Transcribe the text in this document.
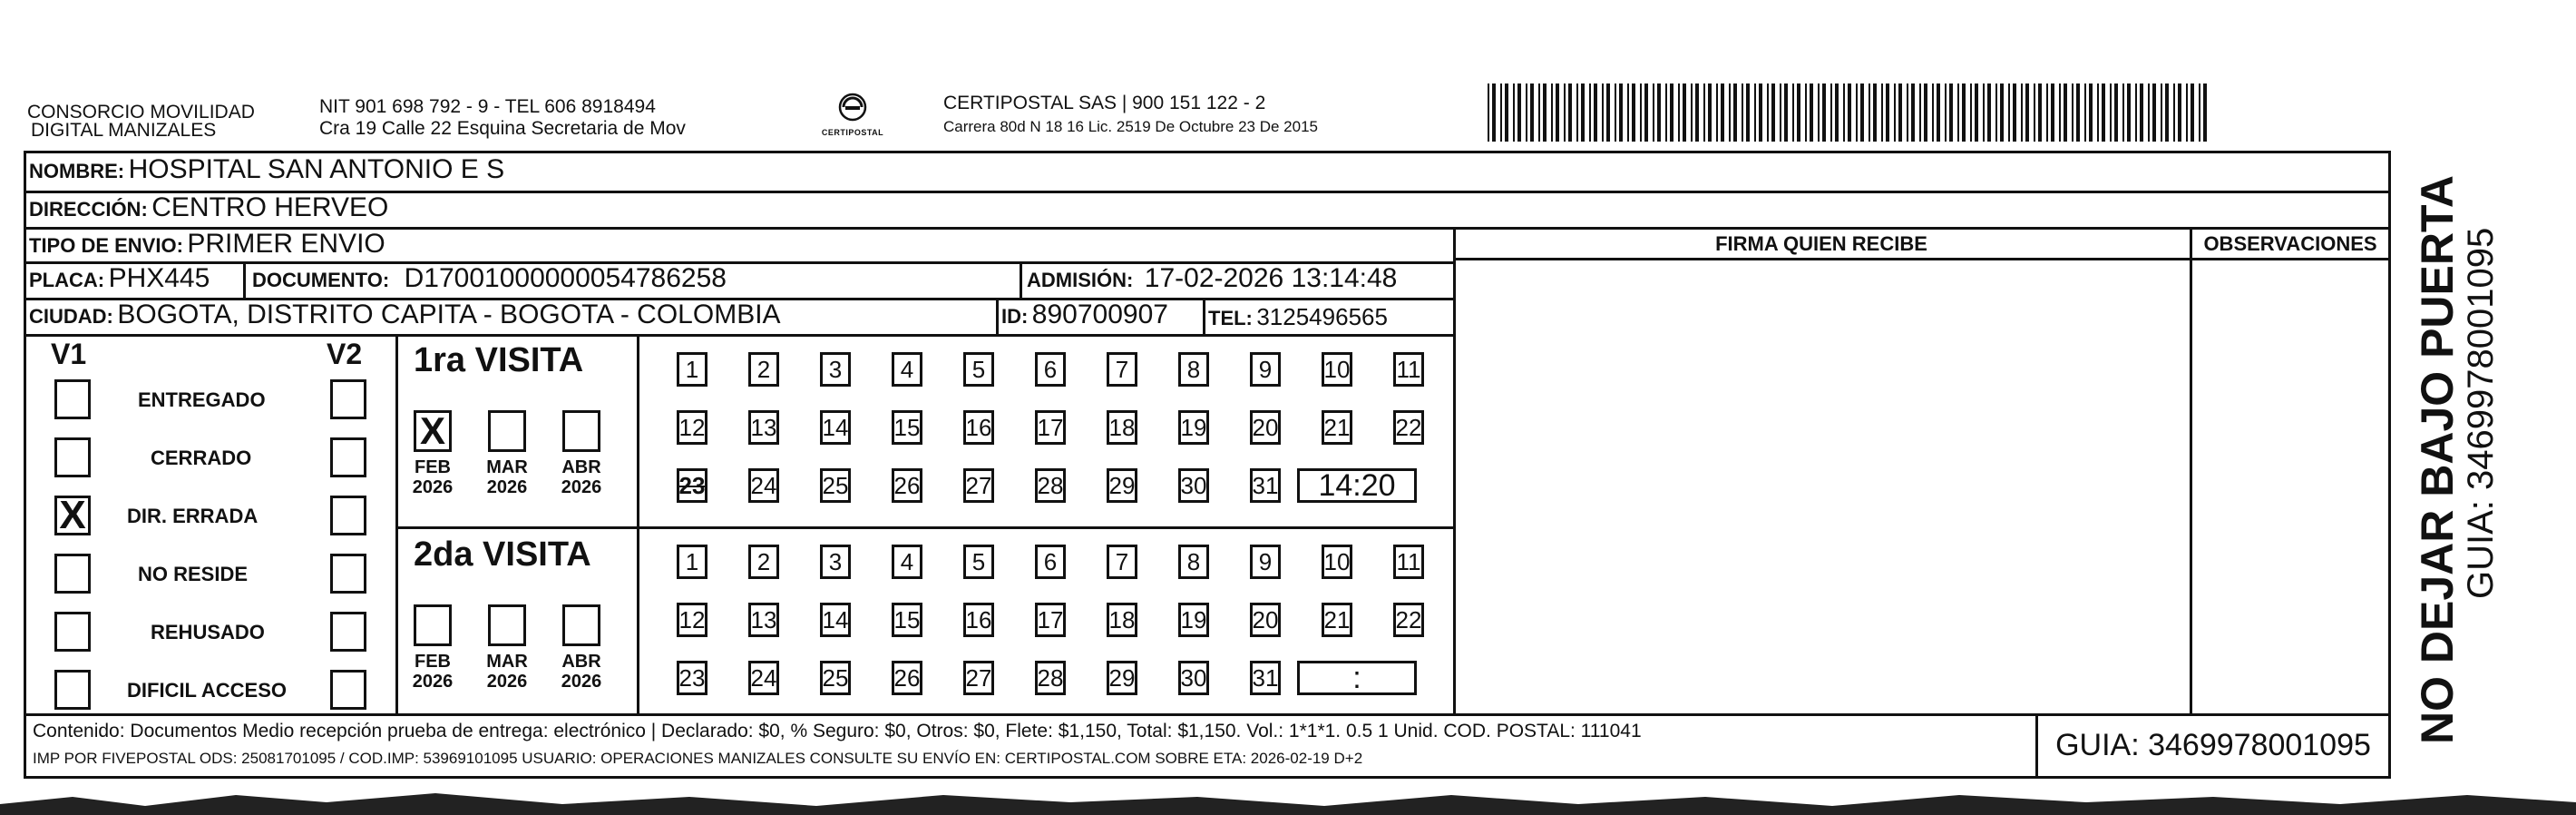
CONSORCIO MOVILIDAD
DIGITAL MANIZALES
NIT 901 698 792 - 9 - TEL 606 8918494
Cra 19 Calle 22 Esquina Secretaria de Mov	CERTIPOSTAL
CERTIPOSTAL SAS | 900 151 122 - 2
Carrera 80d N 18 16 Lic. 2519 De Octubre 23 De 2015
NOMBRE: HOSPITAL SAN ANTONIO E S
DIRECCIÓN: CENTRO HERVEO
TIPO DE ENVIO: PRIMER ENVIO
PLACA: PHX445 DOCUMENTO: D17001000000054786258	ADMISIÓN: 17-02-2026 13:14:48
CIUDAD: BOGOTA, DISTRITO CAPITA - BOGOTA - COLOMBIA	ID: 890700907 TEL: 3125496565
FIRMA QUIEN RECIBE	OBSERVACIONES
V1	V2
ENTREGADO
CERRADO
X DIR. ERRADA
NO RESIDE
REHUSADO
DIFICIL ACCESO
1ra VISITA
2da VISITA
X
FEB
2026
MAR
2026
ABR
2026
FEB
2026
MAR
2026
ABR
2026
1	2	3	4	5	6	7	8	9	10 11
12 13 14 15 16 17 18 19 20 21 22
23 24 25 26 27 28 29 30 31	14:20
1	2	3	4	5	6	7	8	9	10 11
12 13 14 15 16 17 18 19 20 21 22
23 24 25 26 27 28 29 30 31	:
Contenido: Documentos Medio recepción prueba de entrega: electrónico | Declarado: $0, % Seguro: $0, Otros: $0, Flete: $1,150, Total: $1,150. Vol.: 1*1*1. 0.5 1 Unid. COD. POSTAL: 111041
IMP POR FIVEPOSTAL ODS: 25081701095 / COD.IMP: 53969101095 USUARIO: OPERACIONES MANIZALES CONSULTE SU ENVÍO EN: CERTIPOSTAL.COM SOBRE ETA: 2026-02-19 D+2	GUIA: 3469978001095
NO DEJAR BAJO PUERTA
GUIA: 3469978001095
